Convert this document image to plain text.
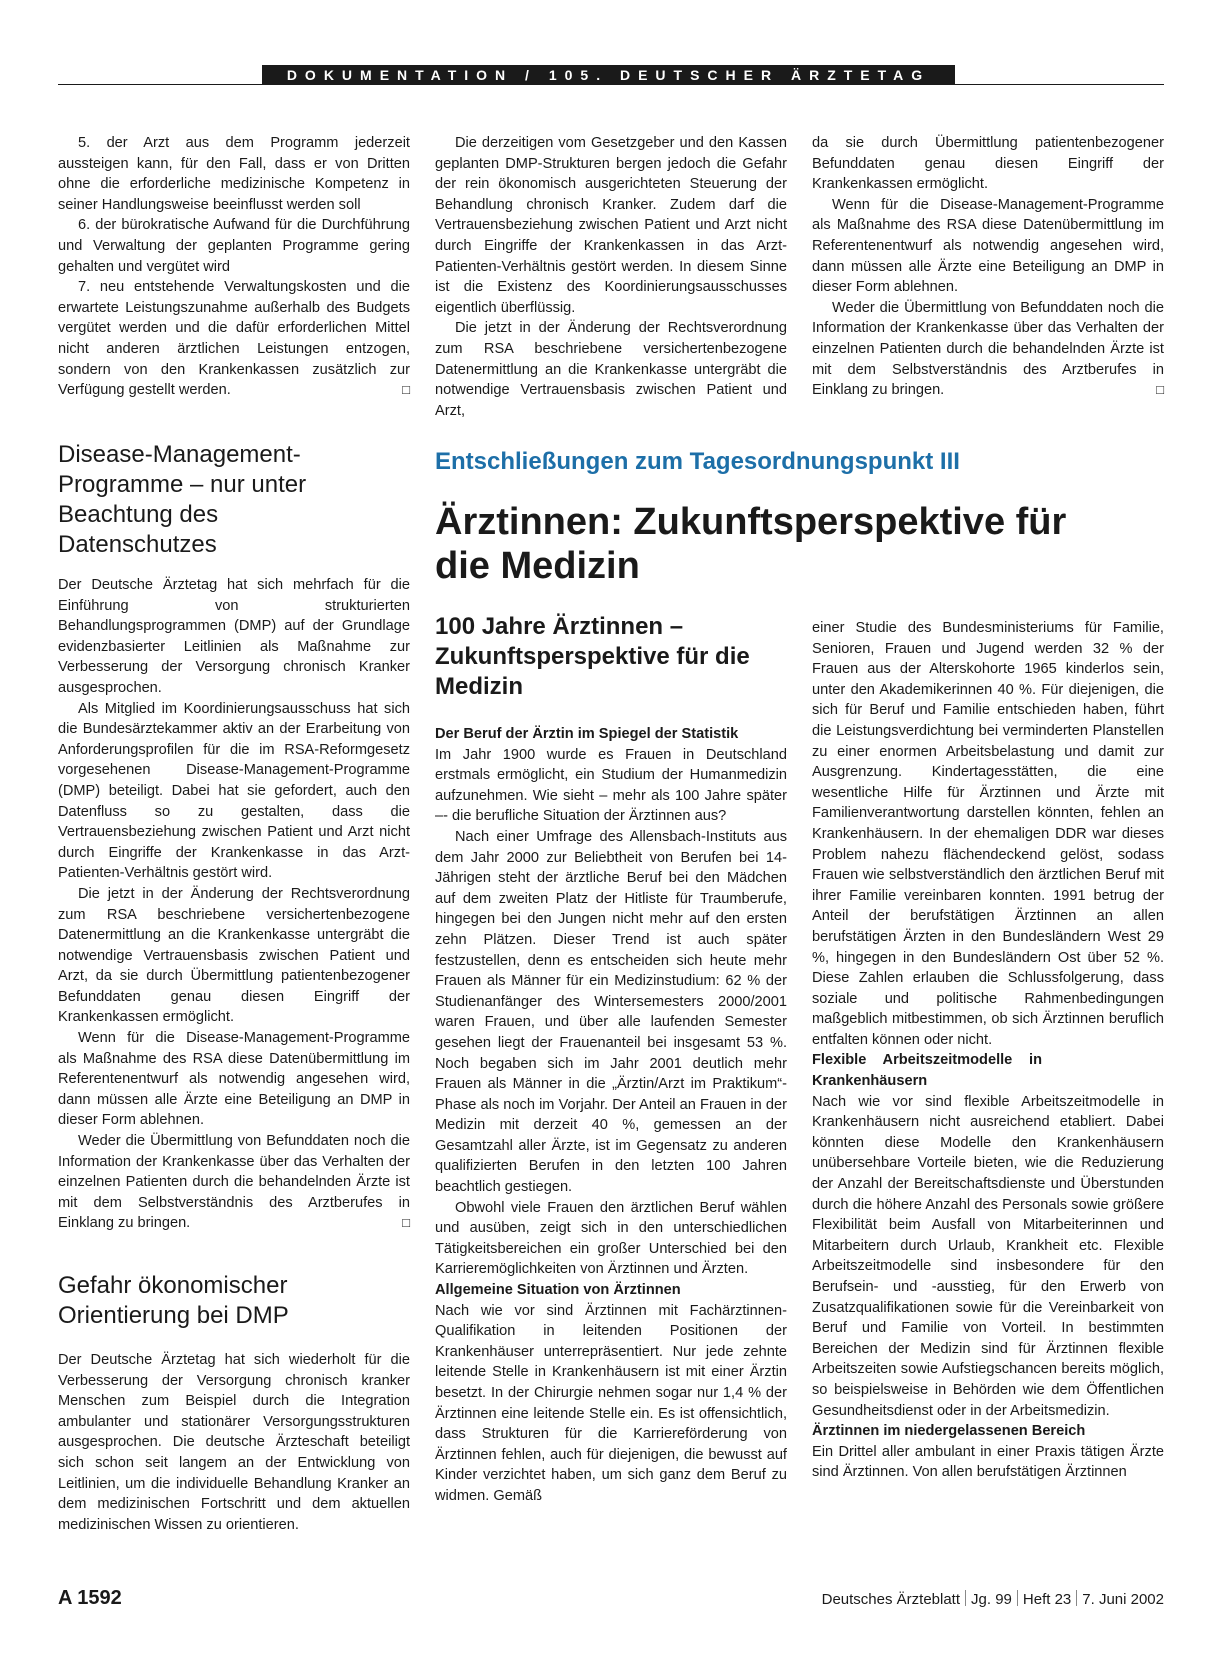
DOKUMENTATION / 105. DEUTSCHER ÄRZTETAG

5. der Arzt aus dem Programm jederzeit aussteigen kann, für den Fall, dass er von Dritten ohne die erforderliche medizinische Kompetenz in seiner Handlungsweise beeinflusst werden soll

6. der bürokratische Aufwand für die Durchführung und Verwaltung der geplanten Programme gering gehalten und vergütet wird

7. neu entstehende Verwaltungskosten und die erwartete Leistungszunahme außerhalb des Budgets vergütet werden und die dafür erforderlichen Mittel nicht anderen ärztlichen Leistungen entzogen, sondern von den Krankenkassen zusätzlich zur Verfügung gestellt werden.	□

Die derzeitigen vom Gesetzgeber und den Kassen geplanten DMP-Strukturen bergen jedoch die Gefahr der rein ökonomisch ausgerichteten Steuerung der Behandlung chronisch Kranker. Zudem darf die Vertrauensbeziehung zwischen Patient und Arzt nicht durch Eingriffe der Krankenkassen in das Arzt-Patienten-Verhältnis gestört werden. In diesem Sinne ist die Existenz des Koordinierungsausschusses eigentlich überflüssig.

Die jetzt in der Änderung der Rechtsverordnung zum RSA beschriebene versichertenbezogene Datenermittlung an die Krankenkasse untergräbt die notwendige Vertrauensbasis zwischen Patient und Arzt,

da sie durch Übermittlung patientenbezogener Befunddaten genau diesen Eingriff der Krankenkassen ermöglicht.

Wenn für die Disease-Management-Programme als Maßnahme des RSA diese Datenübermittlung im Referentenentwurf als notwendig angesehen wird, dann müssen alle Ärzte eine Beteiligung an DMP in dieser Form ablehnen.

Weder die Übermittlung von Befunddaten noch die Information der Krankenkasse über das Verhalten der einzelnen Patienten durch die behandelnden Ärzte ist mit dem Selbstverständnis des Arztberufes in Einklang zu bringen.	□

Disease-Management-Programme – nur unter Beachtung des Datenschutzes

Der Deutsche Ärztetag hat sich mehrfach für die Einführung von strukturierten Behandlungsprogrammen (DMP) auf der Grundlage evidenzbasierter Leitlinien als Maßnahme zur Verbesserung der Versorgung chronisch Kranker ausgesprochen.

Als Mitglied im Koordinierungsausschuss hat sich die Bundesärztekammer aktiv an der Erarbeitung von Anforderungsprofilen für die im RSA-Reformgesetz vorgesehenen Disease-Management-Programme (DMP) beteiligt. Dabei hat sie gefordert, auch den Datenfluss so zu gestalten, dass die Vertrauensbeziehung zwischen Patient und Arzt nicht durch Eingriffe der Krankenkasse in das Arzt-Patienten-Verhältnis gestört wird.

Die jetzt in der Änderung der Rechtsverordnung zum RSA beschriebene versichertenbezogene Datenermittlung an die Krankenkasse untergräbt die notwendige Vertrauensbasis zwischen Patient und Arzt, da sie durch Übermittlung patientenbezogener Befunddaten genau diesen Eingriff der Krankenkassen ermöglicht.

Wenn für die Disease-Management-Programme als Maßnahme des RSA diese Datenübermittlung im Referentenentwurf als notwendig angesehen wird, dann müssen alle Ärzte eine Beteiligung an DMP in dieser Form ablehnen.

Weder die Übermittlung von Befunddaten noch die Information der Krankenkasse über das Verhalten der einzelnen Patienten durch die behandelnden Ärzte ist mit dem Selbstverständnis des Arztberufes in Einklang zu bringen.	□

Gefahr ökonomischer Orientierung bei DMP

Der Deutsche Ärztetag hat sich wiederholt für die Verbesserung der Versorgung chronisch kranker Menschen zum Beispiel durch die Integration ambulanter und stationärer Versorgungsstrukturen ausgesprochen. Die deutsche Ärzteschaft beteiligt sich schon seit langem an der Entwicklung von Leitlinien, um die individuelle Behandlung Kranker an dem medizinischen Fortschritt und dem aktuellen medizinischen Wissen zu orientieren.

Entschließungen zum Tagesordnungspunkt III
Ärztinnen: Zukunftsperspektive für die Medizin
100 Jahre Ärztinnen – Zukunftsperspektive für die Medizin

Der Beruf der Ärztin im Spiegel der Statistik

Im Jahr 1900 wurde es Frauen in Deutschland erstmals ermöglicht, ein Studium der Humanmedizin aufzunehmen. Wie sieht – mehr als 100 Jahre später –- die berufliche Situation der Ärztinnen aus?

Nach einer Umfrage des Allensbach-Instituts aus dem Jahr 2000 zur Beliebtheit von Berufen bei 14-Jährigen steht der ärztliche Beruf bei den Mädchen auf dem zweiten Platz der Hitliste für Traumberufe, hingegen bei den Jungen nicht mehr auf den ersten zehn Plätzen. Dieser Trend ist auch später festzustellen, denn es entscheiden sich heute mehr Frauen als Männer für ein Medizinstudium: 62 % der Studienanfänger des Wintersemesters 2000/2001 waren Frauen, und über alle laufenden Semester gesehen liegt der Frauenanteil bei insgesamt 53 %. Noch begaben sich im Jahr 2001 deutlich mehr Frauen als Männer in die „Ärztin/Arzt im Praktikum“-Phase als noch im Vorjahr. Der Anteil an Frauen in der Medizin mit derzeit 40 %, gemessen an der Gesamtzahl aller Ärzte, ist im Gegensatz zu anderen qualifizierten Berufen in den letzten 100 Jahren beachtlich gestiegen.

Obwohl viele Frauen den ärztlichen Beruf wählen und ausüben, zeigt sich in den unterschiedlichen Tätigkeitsbereichen ein großer Unterschied bei den Karrieremöglichkeiten von Ärztinnen und Ärzten.

Allgemeine Situation von Ärztinnen

Nach wie vor sind Ärztinnen mit Fachärztinnen-Qualifikation in leitenden Positionen der Krankenhäuser unterrepräsentiert. Nur jede zehnte leitende Stelle in Krankenhäusern ist mit einer Ärztin besetzt. In der Chirurgie nehmen sogar nur 1,4 % der Ärztinnen eine leitende Stelle ein. Es ist offensichtlich, dass Strukturen für die Karriereförderung von Ärztinnen fehlen, auch für diejenigen, die bewusst auf Kinder verzichtet haben, um sich ganz dem Beruf zu widmen. Gemäß

einer Studie des Bundesministeriums für Familie, Senioren, Frauen und Jugend werden 32 % der Frauen aus der Alterskohorte 1965 kinderlos sein, unter den Akademikerinnen 40 %. Für diejenigen, die sich für Beruf und Familie entschieden haben, führt die Leistungsverdichtung bei verminderten Planstellen zu einer enormen Arbeitsbelastung und damit zur Ausgrenzung. Kindertagesstätten, die eine wesentliche Hilfe für Ärztinnen und Ärzte mit Familienverantwortung darstellen könnten, fehlen an Krankenhäusern. In der ehemaligen DDR war dieses Problem nahezu flächendeckend gelöst, sodass Frauen wie selbstverständlich den ärztlichen Beruf mit ihrer Familie vereinbaren konnten. 1991 betrug der Anteil der berufstätigen Ärztinnen an allen berufstätigen Ärzten in den Bundesländern West 29 %, hingegen in den Bundesländern Ost über 52 %. Diese Zahlen erlauben die Schlussfolgerung, dass soziale und politische Rahmenbedingungen maßgeblich mitbestimmen, ob sich Ärztinnen beruflich entfalten können oder nicht.

Flexible Arbeitszeitmodelle in Krankenhäusern

Nach wie vor sind flexible Arbeitszeitmodelle in Krankenhäusern nicht ausreichend etabliert. Dabei könnten diese Modelle den Krankenhäusern unübersehbare Vorteile bieten, wie die Reduzierung der Anzahl der Bereitschaftsdienste und Überstunden durch die höhere Anzahl des Personals sowie größere Flexibilität beim Ausfall von Mitarbeiterinnen und Mitarbeitern durch Urlaub, Krankheit etc. Flexible Arbeitszeitmodelle sind insbesondere für den Berufsein- und -ausstieg, für den Erwerb von Zusatzqualifikationen sowie für die Vereinbarkeit von Beruf und Familie von Vorteil. In bestimmten Bereichen der Medizin sind für Ärztinnen flexible Arbeitszeiten sowie Aufstiegschancen bereits möglich, so beispielsweise in Behörden wie dem Öffentlichen Gesundheitsdienst oder in der Arbeitsmedizin.

Ärztinnen im niedergelassenen Bereich

Ein Drittel aller ambulant in einer Praxis tätigen Ärzte sind Ärztinnen. Von allen berufstätigen Ärztinnen

A 1592	Deutsches Ärzteblatt Jg. 99 Heft 23 7. Juni 2002
